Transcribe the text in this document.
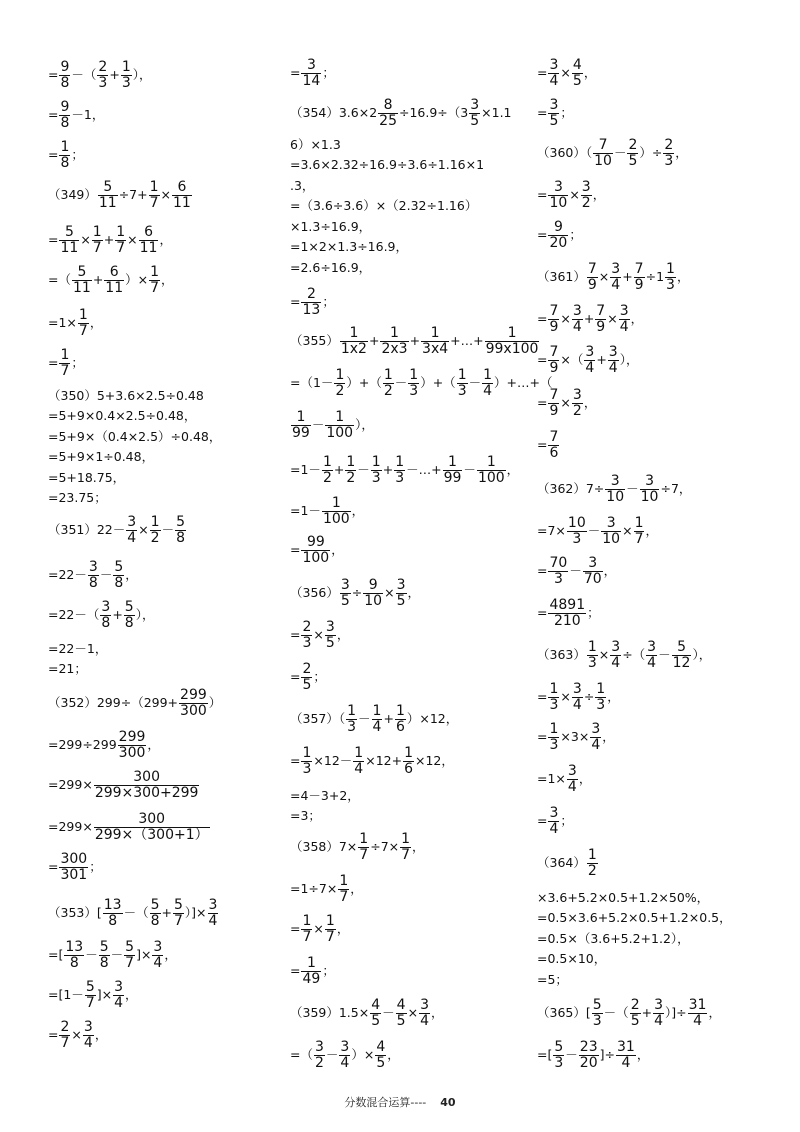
= $\frac{9}{8}$ －（ $\frac{2}{3} + \frac{1}{3}$ ），
= $\frac{9}{8} -1$，
= $\frac{1}{8}$ ；
$(349) \frac{5}{11} \div 7+ \frac{1}{7} \times \frac{6}{11}$
= $\frac{5}{11} \times \frac{1}{7} + \frac{1}{7} \times \frac{6}{11}$ ，
=（ $\frac{5}{11} + \frac{6}{11}$ ）× $\frac{1}{7}$ ，
$=1\times \frac{1}{7}$ ，
= $\frac{1}{7}$ ；
（350）5+3.6×2.5÷0.48
=5+9×0.4×2.5÷0.48，
=5+9×（0.4×2.5）÷0.48，
=5+9×1÷0.48，
=5+18.75，
=23.75；
$(351)22- \frac{3}{4} \times \frac{1}{2} - \frac{5}{8}$
$=22- \frac{3}{8} - \frac{5}{8}$ ，
$=22-( \frac{3}{8} + \frac{5}{8}$ ），
=22－1，
=21；
$(352)299\div(299+ \frac{299}{300}$ ）
$=299\div 299 \frac{299}{300}$ ，
$=299\times \frac{300}{299\times 300+299}$
$=299\times \frac{300}{299\times(300+1)}$
= $\frac{300}{301}$ ；
$(353)[ \frac{13}{8}$ －（ $\frac{5}{8} + \frac{5}{7}$ ）]× $\frac{3}{4}$
=[ $\frac{13}{8} - \frac{5}{8} - \frac{5}{7}$ ]× $\frac{3}{4}$ ，
$=[1- \frac{5}{7}$ ]× $\frac{3}{4}$ ，
= $\frac{2}{7} \times \frac{3}{4}$ ，
= $\frac{3}{14}$ ；
$(354)3.6\times 2 \frac{8}{25} \div 16.9\div(3 \frac{3}{5} \times 1.1$
6）×1.3
=3.6×2.32÷16.9÷3.6÷1.16×1
.3，
=（3.6÷3.6）×（2.32÷1.16）
×1.3÷16.9，
=1×2×1.3÷16.9，
=2.6÷16.9，
= $\frac{2}{13}$ ；
$(355) \frac{1}{1x2} + \frac{1}{2x3} + \frac{1}{3x4}$ +…+ $\frac{1}{99x100}$
$=(1- \frac{1}{2}$ ）+（ $\frac{1}{2} - \frac{1}{3}$ ）+（ $\frac{1}{3} - \frac{1}{4}$ ）+…+（
$\frac{1}{99} - \frac{1}{100}$ ），
$=1- \frac{1}{2} + \frac{1}{2} - \frac{1}{3} + \frac{1}{3}$ －…+ $\frac{1}{99} - \frac{1}{100}$ ，
$=1- \frac{1}{100}$ ，
= $\frac{99}{100}$ ，
$(356) \frac{3}{5} \div \frac{9}{10} \times \frac{3}{5}$ ，
= $\frac{2}{3} \times \frac{3}{5}$ ，
= $\frac{2}{5}$ ；
$(357)( \frac{1}{3} - \frac{1}{4} + \frac{1}{6} )\times 12$，
= $\frac{1}{3} \times 12- \frac{1}{4} \times 12+ \frac{1}{6} \times 12$，
=4－3+2，
=3；
$(358)7\times \frac{1}{7} \div 7\times \frac{1}{7}$ ，
$=1\div 7\times \frac{1}{7}$ ，
= $\frac{1}{7} \times \frac{1}{7}$ ，
= $\frac{1}{49}$ ；
$(359)1.5\times \frac{4}{5} - \frac{4}{5} \times \frac{3}{4}$ ，
=（ $\frac{3}{2} - \frac{3}{4}$ ）× $\frac{4}{5}$ ，
= $\frac{3}{4} \times \frac{4}{5}$ ，
= $\frac{3}{5}$ ；
$(360)( \frac{7}{10} - \frac{2}{5}$ ）÷ $\frac{2}{3}$ ，
= $\frac{3}{10} \times \frac{3}{2}$ ，
= $\frac{9}{20}$ ；
$(361) \frac{7}{9} \times \frac{3}{4} + \frac{7}{9} \div 1 \frac{1}{3}$ ，
= $\frac{7}{9} \times \frac{3}{4} + \frac{7}{9} \times \frac{3}{4}$ ，
= $\frac{7}{9}$ ×（ $\frac{3}{4} + \frac{3}{4}$ ），
= $\frac{7}{9} \times \frac{3}{2}$ ，
= $\frac{7}{6}$
$(362)7\div \frac{3}{10} - \frac{3}{10} \div 7$，
$=7\times \frac{10}{3} - \frac{3}{10} \times \frac{1}{7}$ ，
= $\frac{70}{3} - \frac{3}{70}$ ，
= $\frac{4891}{210}$ ；
$(363) \frac{1}{3} \times \frac{3}{4}$ ÷（ $\frac{3}{4} - \frac{5}{12}$ ），
= $\frac{1}{3} \times \frac{3}{4} \div \frac{1}{3}$ ，
= $\frac{1}{3} \times 3\times \frac{3}{4}$ ，
$=1\times \frac{3}{4}$ ，
= $\frac{3}{4}$ ；
$(364) \frac{1}{2}$
×3.6+5.2×0.5+1.2×50%，
=0.5×3.6+5.2×0.5+1.2×0.5，
=0.5×（3.6+5.2+1.2），
=0.5×10，
=5；
$(365)[ \frac{5}{3}$ －（ $\frac{2}{5} + \frac{3}{4}$ ）]÷ $\frac{31}{4}$ ，
=[ $\frac{5}{3} - \frac{23}{20}$ ]÷ $\frac{31}{4}$ ，
分数混合运算---- 40
